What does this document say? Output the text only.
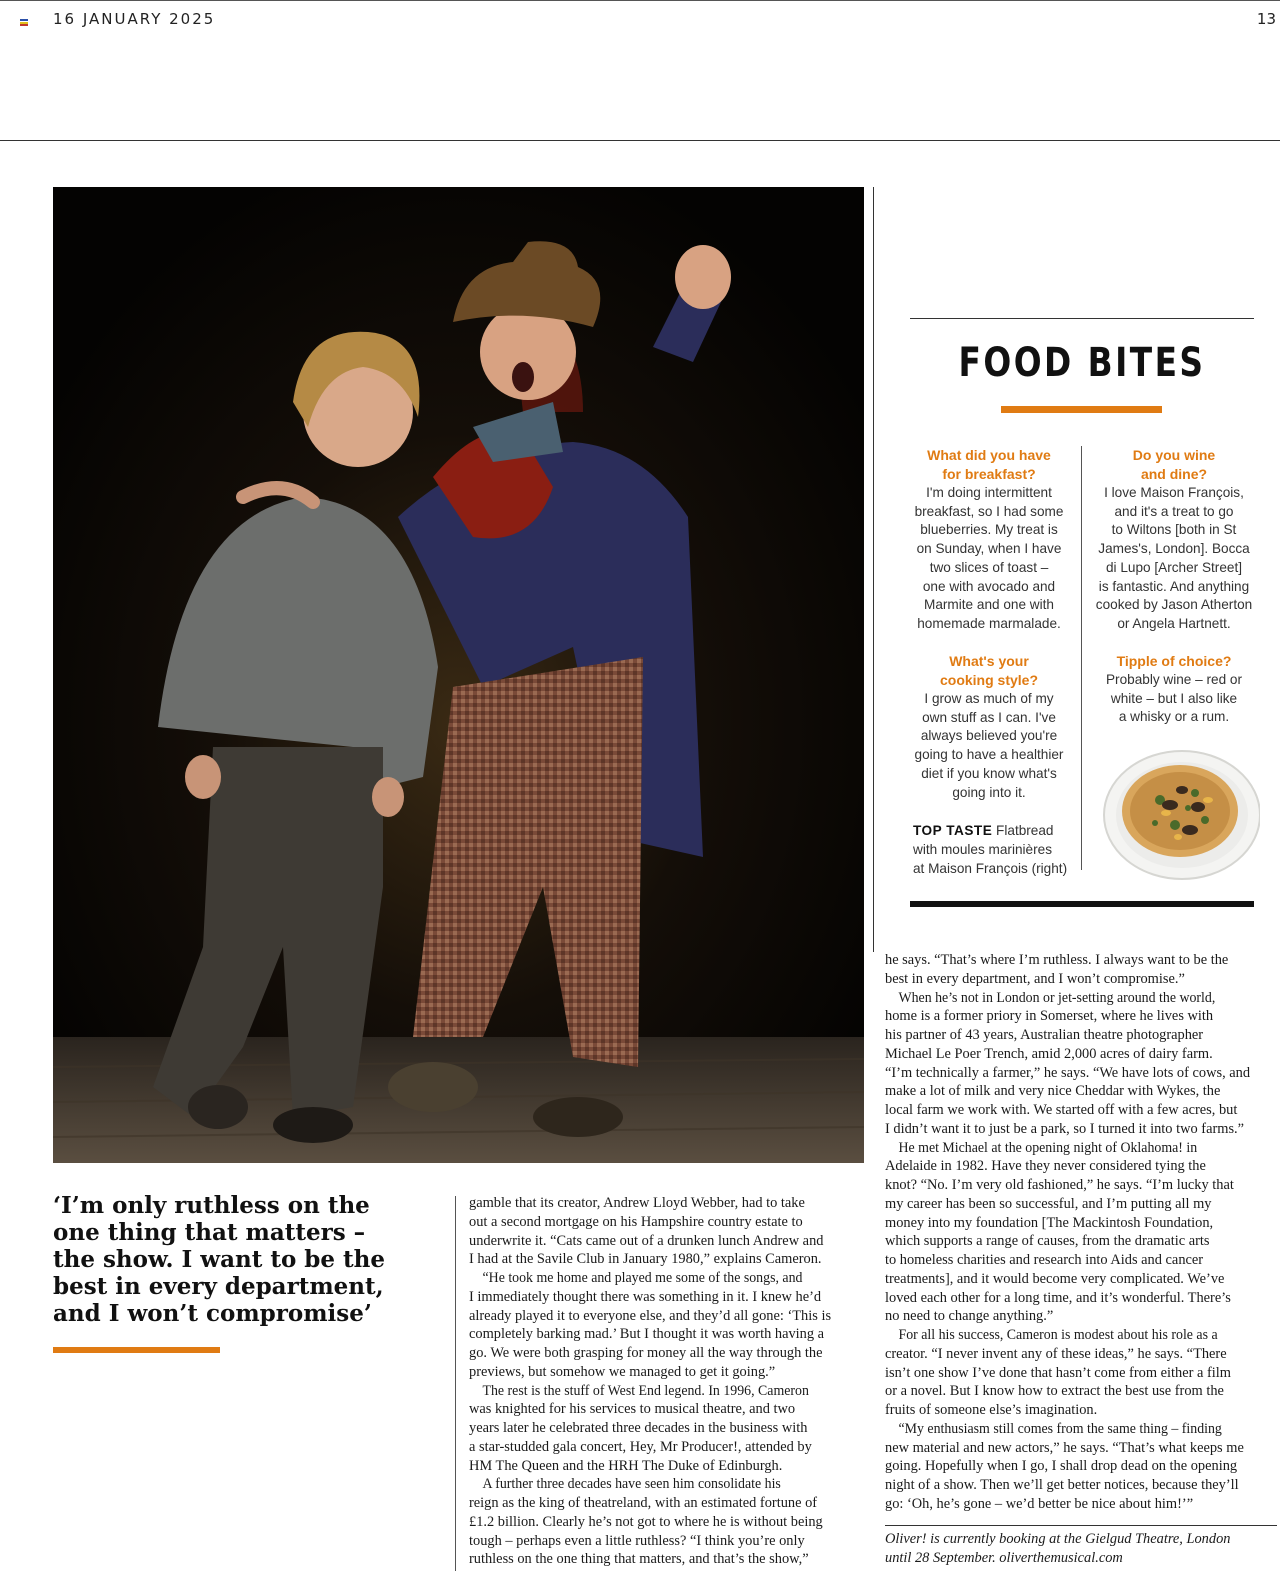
16 JANUARY 2025	13
FOOD BITES
What did you have
for breakfast?
I'm doing intermittent
breakfast, so I had some
blueberries. My treat is
on Sunday, when I have
two slices of toast –
one with avocado and
Marmite and one with
homemade marmalade.
What's your
cooking style?
I grow as much of my
own stuff as I can. I've
always believed you're
going to have a healthier
diet if you know what's
going into it.
Do you wine
and dine?
I love Maison François,
and it's a treat to go
to Wiltons [both in St
James's, London]. Bocca
di Lupo [Archer Street]
is fantastic. And anything
cooked by Jason Atherton
or Angela Hartnett.
Tipple of choice?
Probably wine – red or
white – but I also like
a whisky or a rum.
TOP TASTE Flatbread
with moules marinières
at Maison François (right)
‘I’m only ruthless on the
one thing that matters –
the show. I want to be the
best in every department,
and I won’t compromise’
gamble that its creator, Andrew Lloyd Webber, had to take
out a second mortgage on his Hampshire country estate to
underwrite it. “Cats came out of a drunken lunch Andrew and
I had at the Savile Club in January 1980,” explains Cameron.
“He took me home and played me some of the songs, and
I immediately thought there was something in it. I knew he’d
already played it to everyone else, and they’d all gone: ‘This is
completely barking mad.’ But I thought it was worth having a
go. We were both grasping for money all the way through the
previews, but somehow we managed to get it going.”
The rest is the stuff of West End legend. In 1996, Cameron
was knighted for his services to musical theatre, and two
years later he celebrated three decades in the business with
a star-studded gala concert, Hey, Mr Producer!, attended by
HM The Queen and the HRH The Duke of Edinburgh.
A further three decades have seen him consolidate his
reign as the king of theatreland, with an estimated fortune of
£1.2 billion. Clearly he’s not got to where he is without being
tough – perhaps even a little ruthless? “I think you’re only
ruthless on the one thing that matters, and that’s the show,”
he says. “That’s where I’m ruthless. I always want to be the
best in every department, and I won’t compromise.”
When he’s not in London or jet-setting around the world,
home is a former priory in Somerset, where he lives with
his partner of 43 years, Australian theatre photographer
Michael Le Poer Trench, amid 2,000 acres of dairy farm.
“I’m technically a farmer,” he says. “We have lots of cows, and
make a lot of milk and very nice Cheddar with Wykes, the
local farm we work with. We started off with a few acres, but
I didn’t want it to just be a park, so I turned it into two farms.”
He met Michael at the opening night of Oklahoma! in
Adelaide in 1982. Have they never considered tying the
knot? “No. I’m very old fashioned,” he says. “I’m lucky that
my career has been so successful, and I’m putting all my
money into my foundation [The Mackintosh Foundation,
which supports a range of causes, from the dramatic arts
to homeless charities and research into Aids and cancer
treatments], and it would become very complicated. We’ve
loved each other for a long time, and it’s wonderful. There’s
no need to change anything.”
For all his success, Cameron is modest about his role as a
creator. “I never invent any of these ideas,” he says. “There
isn’t one show I’ve done that hasn’t come from either a film
or a novel. But I know how to extract the best use from the
fruits of someone else’s imagination.
“My enthusiasm still comes from the same thing – finding
new material and new actors,” he says. “That’s what keeps me
going. Hopefully when I go, I shall drop dead on the opening
night of a show. Then we’ll get better notices, because they’ll
go: ‘Oh, he’s gone – we’d better be nice about him!’”
Oliver! is currently booking at the Gielgud Theatre, London
until 28 September. oliverthemusical.com
